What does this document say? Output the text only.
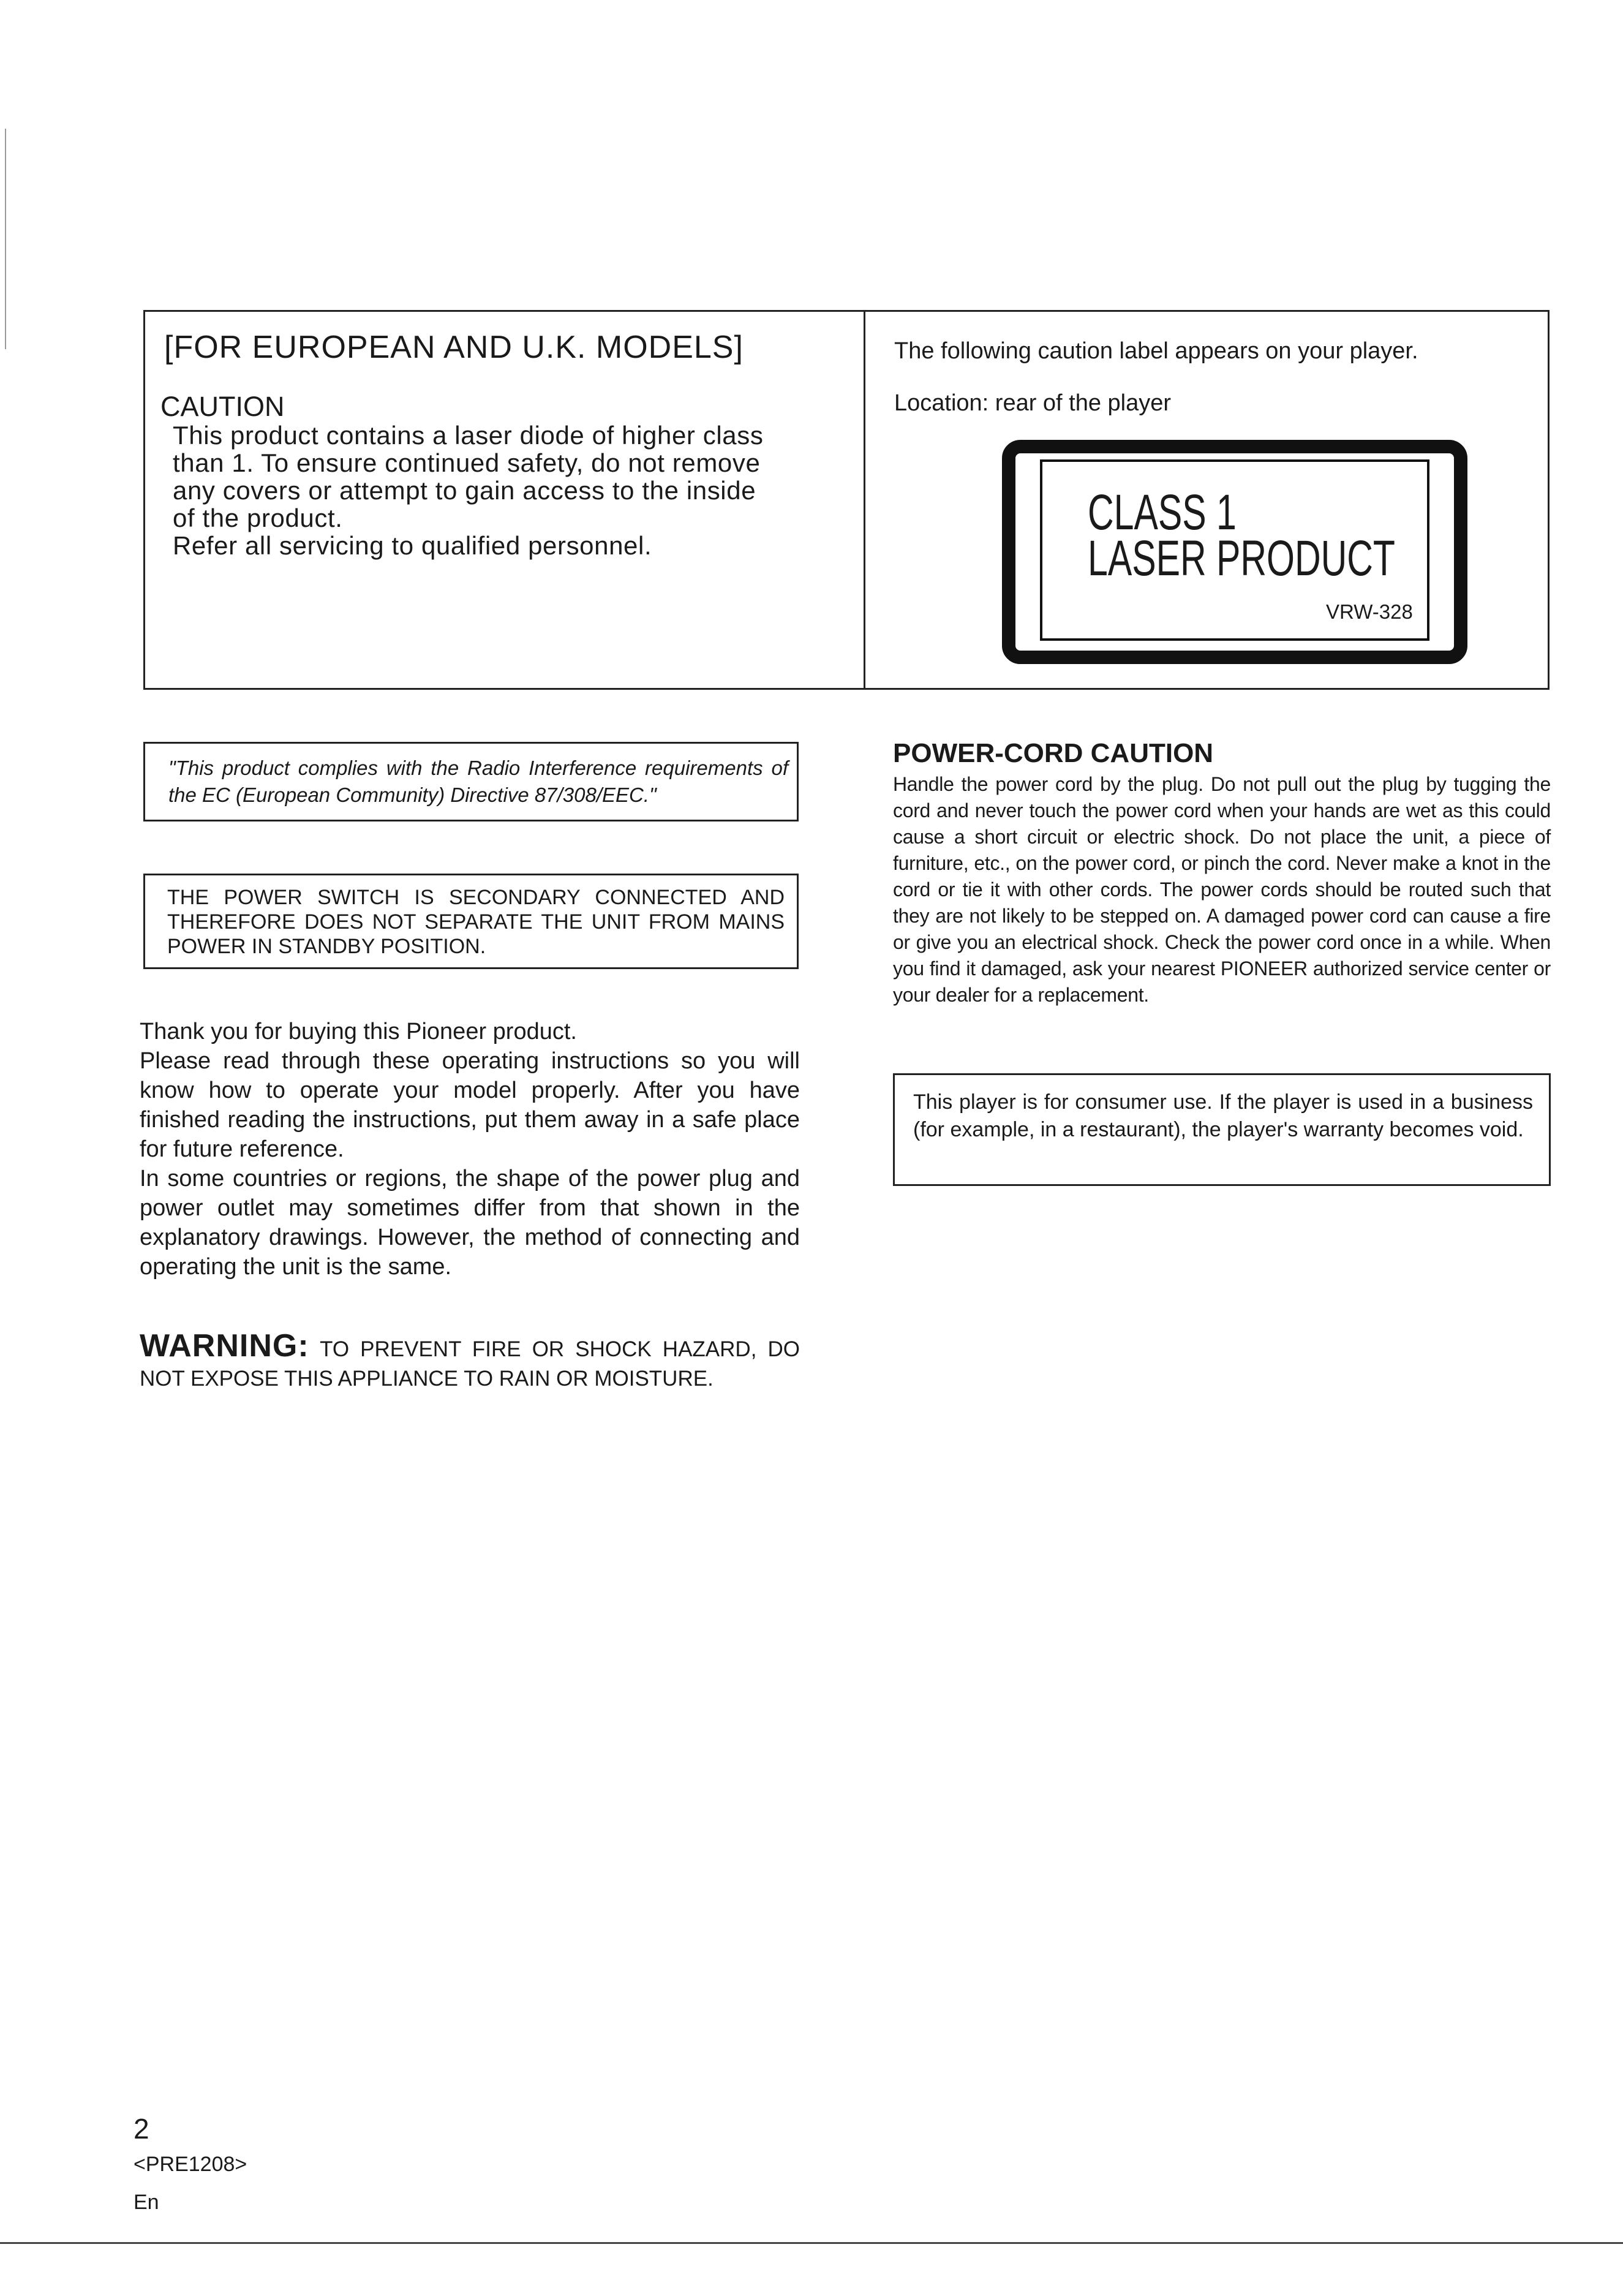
[FOR EUROPEAN AND U.K. MODELS]
CAUTION
This product contains a laser diode of higher class
than 1. To ensure continued safety, do not remove
any covers or attempt to gain access to the inside
of the product.
Refer all servicing to qualified personnel.
The following caution label appears on your player.
Location: rear of the player
CLASS 1
LASER PRODUCT
VRW-328
"This product complies with the Radio Interference requirements of the EC (European Community) Directive 87/308/EEC."
THE POWER SWITCH IS SECONDARY CONNECTED AND THEREFORE DOES NOT SEPARATE THE UNIT FROM MAINS POWER IN STANDBY POSITION.

Thank you for buying this Pioneer product.

Please read through these operating instructions so you will know how to operate your model properly. After you have finished reading the instructions, put them away in a safe place for future reference.

In some countries or regions, the shape of the power plug and power outlet may sometimes differ from that shown in the explanatory drawings. However, the method of connecting and operating the unit is the same.

WARNING: TO PREVENT FIRE OR SHOCK HAZARD, DO NOT EXPOSE THIS APPLIANCE TO RAIN OR MOISTURE.
POWER-CORD CAUTION
Handle the power cord by the plug. Do not pull out the plug by tugging the cord and never touch the power cord when your hands are wet as this could cause a short circuit or electric shock. Do not place the unit, a piece of furniture, etc., on the power cord, or pinch the cord. Never make a knot in the cord or tie it with other cords. The power cords should be routed such that they are not likely to be stepped on. A damaged power cord can cause a fire or give you an electrical shock. Check the power cord once in a while. When you find it damaged, ask your nearest PIONEER authorized service center or your dealer for a replacement.
This player is for consumer use. If the player is used in a business (for example, in a restaurant), the player's warranty becomes void.
2
<PRE1208>
En
